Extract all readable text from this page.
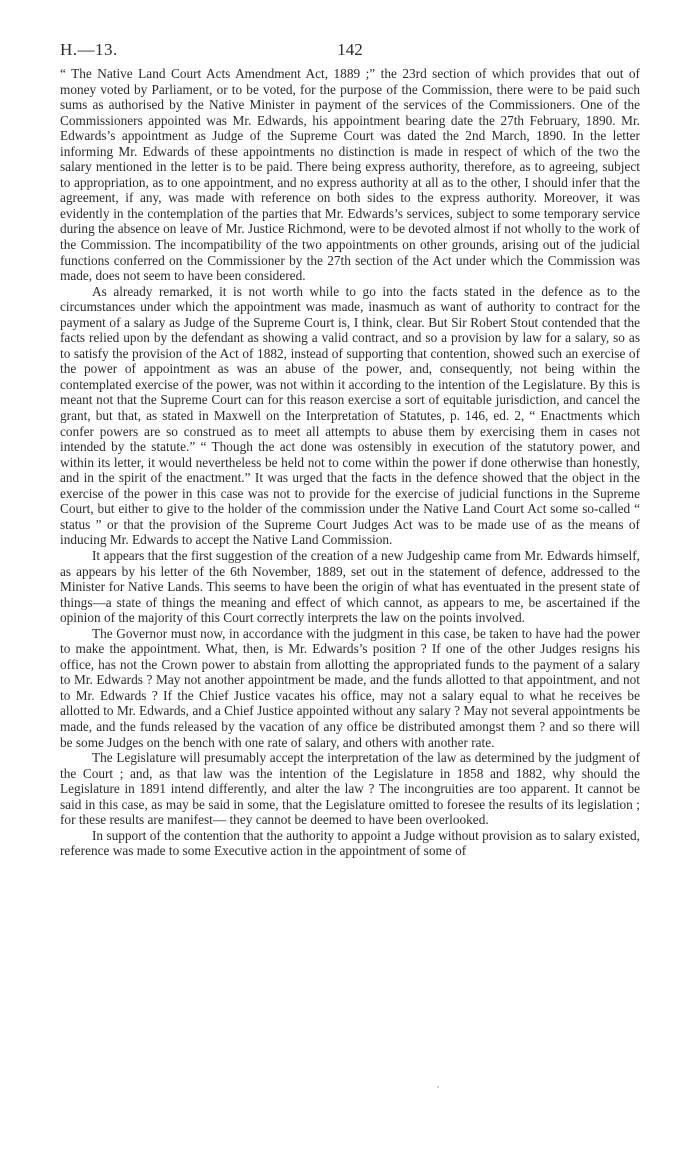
142
H.—13.

“ The Native Land Court Acts Amendment Act, 1889 ;” the 23rd section of which provides that out of money voted by Parliament, or to be voted, for the purpose of the Commission, there were to be paid such sums as authorised by the Native Minister in payment of the services of the Commissioners. One of the Commissioners appointed was Mr. Edwards, his appointment bearing date the 27th February, 1890. Mr. Edwards’s appointment as Judge of the Supreme Court was dated the 2nd March, 1890. In the letter informing Mr. Edwards of these appointments no distinction is made in respect of which of the two the salary mentioned in the letter is to be paid. There being express authority, therefore, as to agreeing, subject to appropriation, as to one appointment, and no express authority at all as to the other, I should infer that the agreement, if any, was made with reference on both sides to the express authority. Moreover, it was evidently in the contemplation of the parties that Mr. Edwards’s services, subject to some temporary service during the absence on leave of Mr. Justice Richmond, were to be devoted almost if not wholly to the work of the Commission. The incompatibility of the two appointments on other grounds, arising out of the judicial functions conferred on the Commissioner by the 27th section of the Act under which the Commission was made, does not seem to have been considered.

As already remarked, it is not worth while to go into the facts stated in the defence as to the circumstances under which the appointment was made, inasmuch as want of authority to contract for the payment of a salary as Judge of the Supreme Court is, I think, clear. But Sir Robert Stout contended that the facts relied upon by the defendant as showing a valid contract, and so a provision by law for a salary, so as to satisfy the provision of the Act of 1882, instead of supporting that contention, showed such an exercise of the power of appointment as was an abuse of the power, and, consequently, not being within the contemplated exercise of the power, was not within it according to the intention of the Legislature. By this is meant not that the Supreme Court can for this reason exercise a sort of equitable jurisdiction, and cancel the grant, but that, as stated in Maxwell on the Interpretation of Statutes, p. 146, ed. 2, “ Enactments which confer powers are so construed as to meet all attempts to abuse them by exercising them in cases not intended by the statute.” “ Though the act done was ostensibly in execution of the statutory power, and within its letter, it would nevertheless be held not to come within the power if done otherwise than honestly, and in the spirit of the enactment.” It was urged that the facts in the defence showed that the object in the exercise of the power in this case was not to provide for the exercise of judicial functions in the Supreme Court, but either to give to the holder of the commission under the Native Land Court Act some so-called “ status ” or that the provision of the Supreme Court Judges Act was to be made use of as the means of inducing Mr. Edwards to accept the Native Land Commission.

It appears that the first suggestion of the creation of a new Judgeship came from Mr. Edwards himself, as appears by his letter of the 6th November, 1889, set out in the statement of defence, addressed to the Minister for Native Lands. This seems to have been the origin of what has eventuated in the present state of things—a state of things the meaning and effect of which cannot, as appears to me, be ascertained if the opinion of the majority of this Court correctly interprets the law on the points involved.

The Governor must now, in accordance with the judgment in this case, be taken to have had the power to make the appointment. What, then, is Mr. Edwards’s position ? If one of the other Judges resigns his office, has not the Crown power to abstain from allotting the appropriated funds to the payment of a salary to Mr. Edwards ? May not another appointment be made, and the funds allotted to that appointment, and not to Mr. Edwards ? If the Chief Justice vacates his office, may not a salary equal to what he receives be allotted to Mr. Edwards, and a Chief Justice appointed without any salary ? May not several appointments be made, and the funds released by the vacation of any office be distributed amongst them ? and so there will be some Judges on the bench with one rate of salary, and others with another rate.

The Legislature will presumably accept the interpretation of the law as determined by the judgment of the Court ; and, as that law was the intention of the Legislature in 1858 and 1882, why should the Legislature in 1891 intend differently, and alter the law ? The incongruities are too apparent. It cannot be said in this case, as may be said in some, that the Legislature omitted to foresee the results of its legislation ; for these results are manifest— they cannot be deemed to have been overlooked.

In support of the contention that the authority to appoint a Judge without provision as to salary existed, reference was made to some Executive action in the appointment of some of
